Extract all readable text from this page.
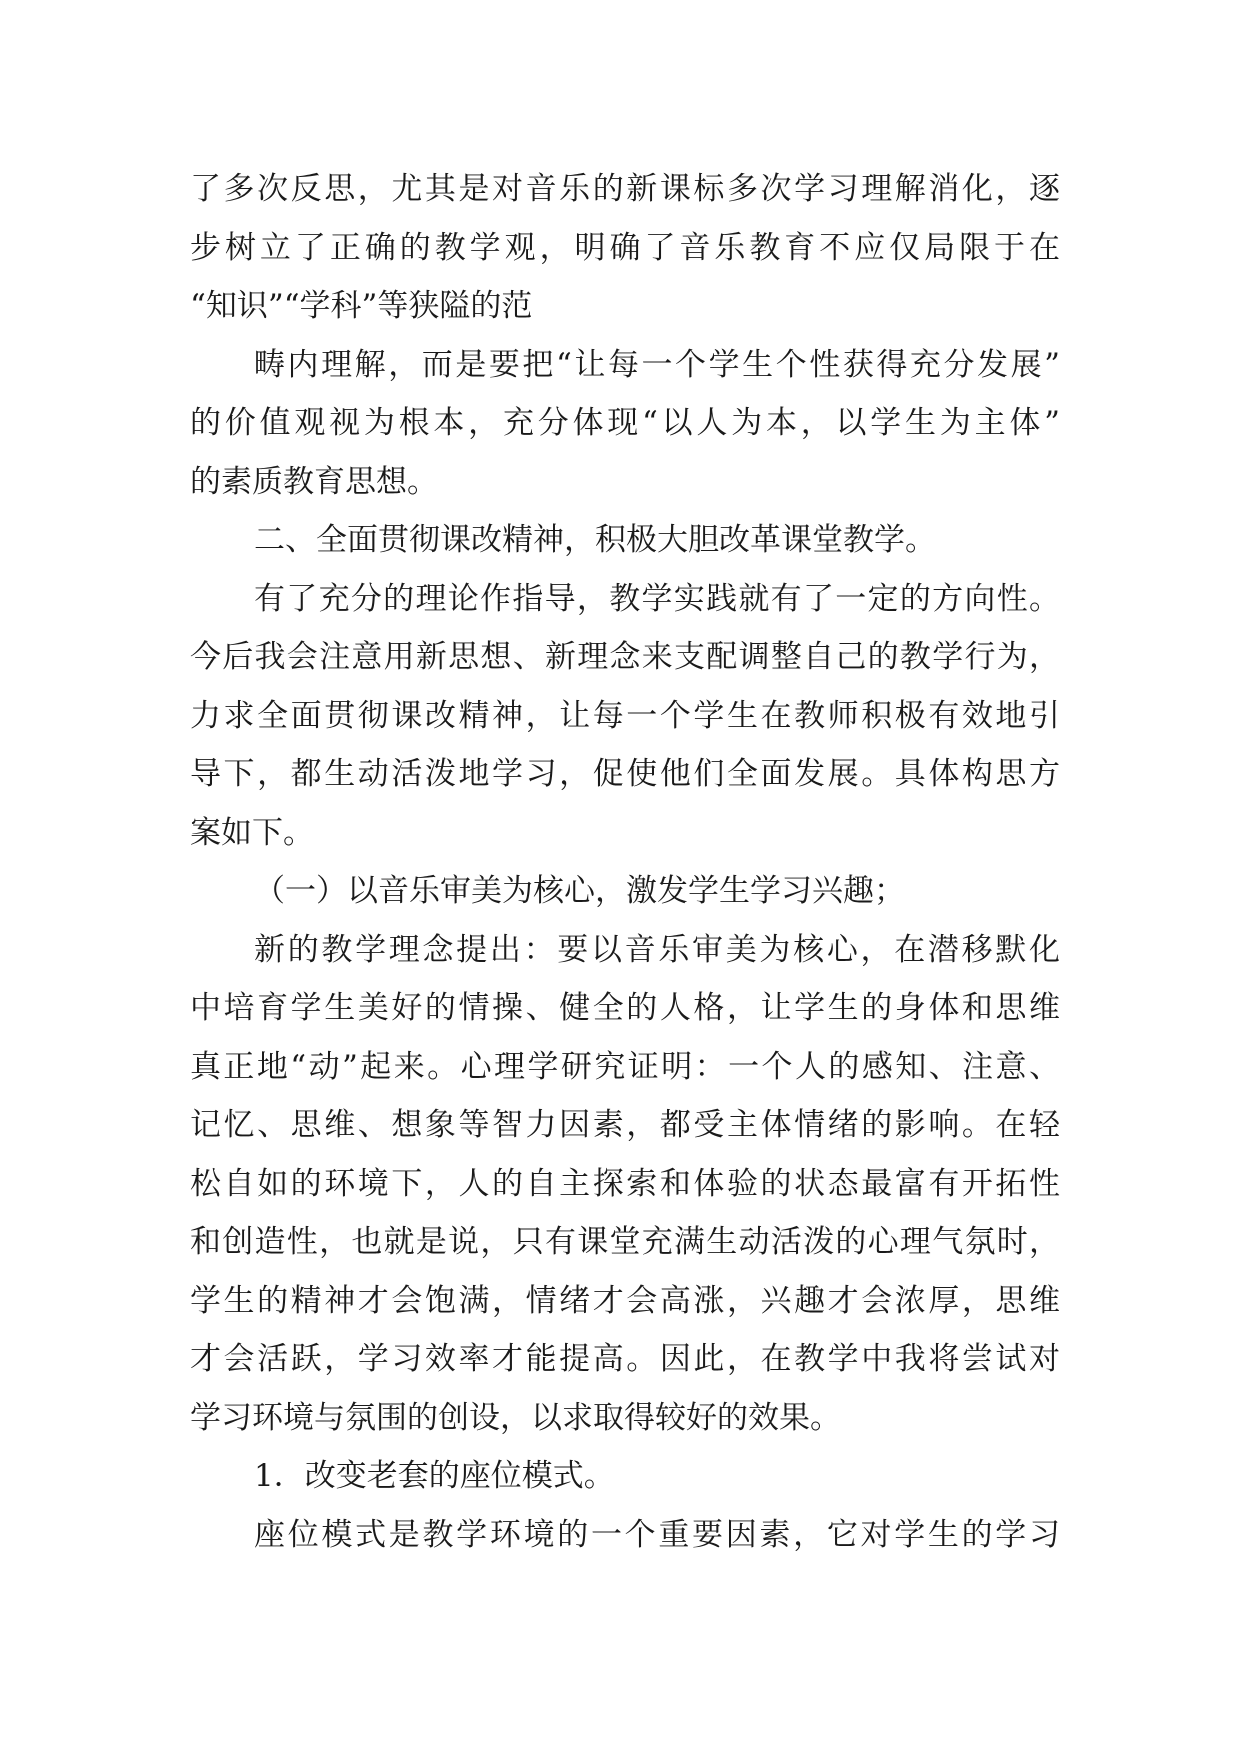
了多次反思，尤其是对音乐的新课标多次学习理解消化，逐
步树立了正确的教学观，明确了音乐教育不应仅局限于在
“知识”“学科”等狭隘的范
畴内理解，而是要把“让每一个学生个性获得充分发展”
的价值观视为根本，充分体现“以人为本，以学生为主体”
的素质教育思想。
二、全面贯彻课改精神，积极大胆改革课堂教学。
有了充分的理论作指导，教学实践就有了一定的方向性。
今后我会注意用新思想、新理念来支配调整自己的教学行为，
力求全面贯彻课改精神，让每一个学生在教师积极有效地引
导下，都生动活泼地学习，促使他们全面发展。具体构思方
案如下。
（一）以音乐审美为核心，激发学生学习兴趣；
新的教学理念提出：要以音乐审美为核心，在潜移默化
中培育学生美好的情操、健全的人格，让学生的身体和思维
真正地“动”起来。心理学研究证明：一个人的感知、注意、
记忆、思维、想象等智力因素，都受主体情绪的影响。在轻
松自如的环境下，人的自主探索和体验的状态最富有开拓性
和创造性，也就是说，只有课堂充满生动活泼的心理气氛时，
学生的精神才会饱满，情绪才会高涨，兴趣才会浓厚，思维
才会活跃，学习效率才能提高。因此，在教学中我将尝试对
学习环境与氛围的创设，以求取得较好的效果。
1．改变老套的座位模式。
座位模式是教学环境的一个重要因素，它对学生的学习
